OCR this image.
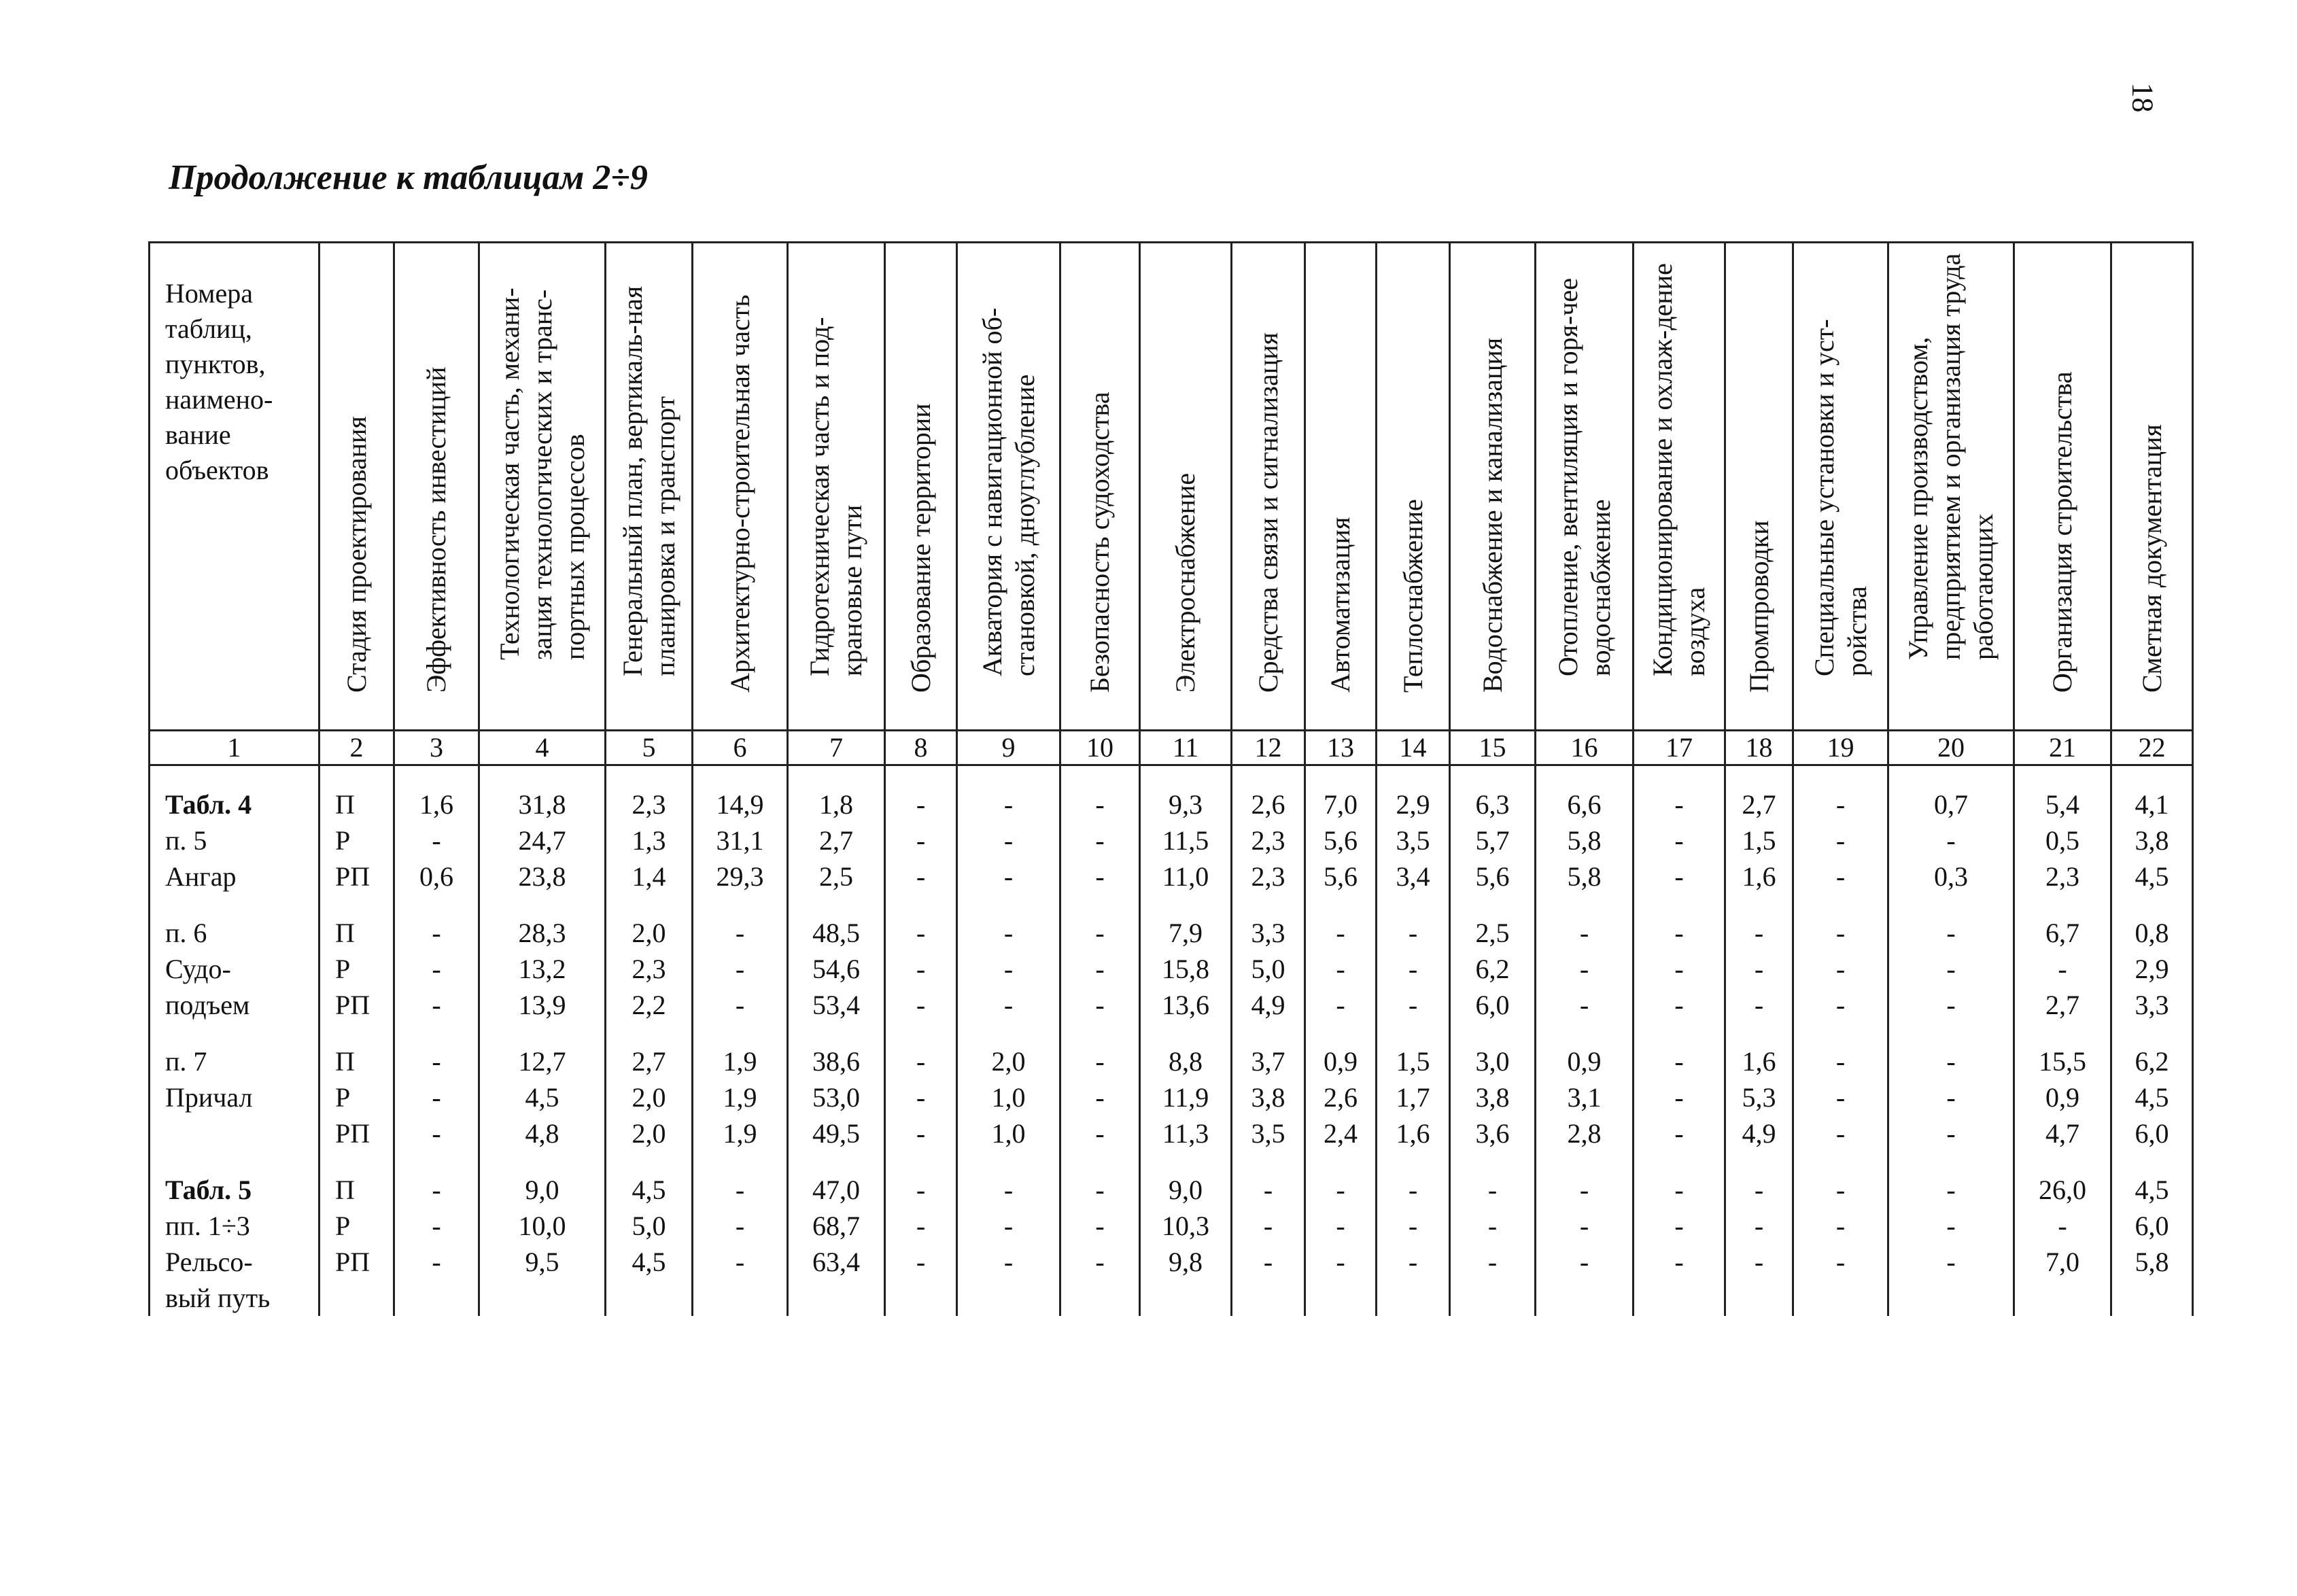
18
Продолжение к таблицам 2÷9
Номера таблиц, пунктов, наимено-вание объектов	Стадия проектирования	Эффективность инвестиций	Технологическая часть, механи-зация технологических и транс-портных процессов	Генеральный план, вертикаль-ная планировка и транспорт	Архитектурно-строительная часть	Гидротехническая часть и под-крановые пути	Образование территории	Акватория с навигационной об-становкой, дноуглубление	Безопасность судоходства	Электроснабжение	Средства связи и сигнализация	Автоматизация	Теплоснабжение	Водоснабжение и канализация	Отопление, вентиляция и горя-чее водоснабжение	Кондиционирование и охлаж-дение воздуха	Промпроводки	Специальные установки и уст-ройства	Управление производством, предприятием и организация труда работающих	Организация строительства	Сметная документация

1	2	3	4	5	6	7	8	9	10	11	12	13	14	15	16	17	18	19	20	21	22
Табл. 4	П	1,6	31,8	2,3	14,9	1,8	-	-	-	9,3	2,6	7,0	2,9	6,3	6,6	-	2,7	-	0,7	5,4	4,1
п. 5	Р	-	24,7	1,3	31,1	2,7	-	-	-	11,5	2,3	5,6	3,5	5,7	5,8	-	1,5	-	-	0,5	3,8
Ангар	РП	0,6	23,8	1,4	29,3	2,5	-	-	-	11,0	2,3	5,6	3,4	5,6	5,8	-	1,6	-	0,3	2,3	4,5
п. 6	П	-	28,3	2,0	-	48,5	-	-	-	7,9	3,3	-	-	2,5	-	-	-	-	-	6,7	0,8
Судо-	Р	-	13,2	2,3	-	54,6	-	-	-	15,8	5,0	-	-	6,2	-	-	-	-	-	-	2,9
подъем	РП	-	13,9	2,2	-	53,4	-	-	-	13,6	4,9	-	-	6,0	-	-	-	-	-	2,7	3,3
п. 7	П	-	12,7	2,7	1,9	38,6	-	2,0	-	8,8	3,7	0,9	1,5	3,0	0,9	-	1,6	-	-	15,5	6,2
Причал	Р	-	4,5	2,0	1,9	53,0	-	1,0	-	11,9	3,8	2,6	1,7	3,8	3,1	-	5,3	-	-	0,9	4,5
	РП	-	4,8	2,0	1,9	49,5	-	1,0	-	11,3	3,5	2,4	1,6	3,6	2,8	-	4,9	-	-	4,7	6,0
Табл. 5	П	-	9,0	4,5	-	47,0	-	-	-	9,0	-	-	-	-	-	-	-	-	-	26,0	4,5
пп. 1÷3	Р	-	10,0	5,0	-	68,7	-	-	-	10,3	-	-	-	-	-	-	-	-	-	-	6,0
Рельсо-	РП	-	9,5	4,5	-	63,4	-	-	-	9,8	-	-	-	-	-	-	-	-	-	7,0	5,8
вый путь																					
